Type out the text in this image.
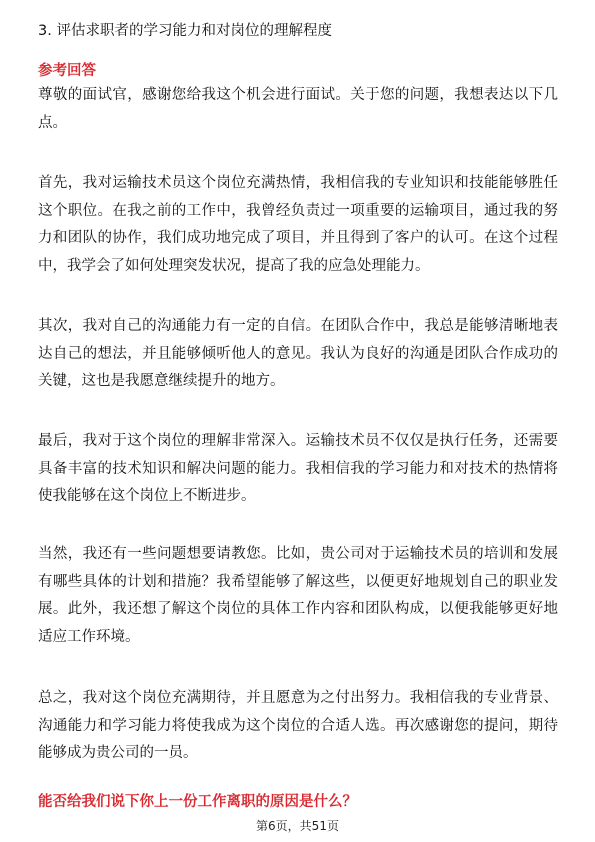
3. 评估求职者的学习能力和对岗位的理解程度
参考回答
尊敬的面试官，感谢您给我这个机会进行面试。关于您的问题，我想表达以下几点。
首先，我对运输技术员这个岗位充满热情，我相信我的专业知识和技能能够胜任这个职位。在我之前的工作中，我曾经负责过一项重要的运输项目，通过我的努力和团队的协作，我们成功地完成了项目，并且得到了客户的认可。在这个过程中，我学会了如何处理突发状况，提高了我的应急处理能力。
其次，我对自己的沟通能力有一定的自信。在团队合作中，我总是能够清晰地表达自己的想法，并且能够倾听他人的意见。我认为良好的沟通是团队合作成功的关键，这也是我愿意继续提升的地方。
最后，我对于这个岗位的理解非常深入。运输技术员不仅仅是执行任务，还需要具备丰富的技术知识和解决问题的能力。我相信我的学习能力和对技术的热情将使我能够在这个岗位上不断进步。
当然，我还有一些问题想要请教您。比如，贵公司对于运输技术员的培训和发展有哪些具体的计划和措施？我希望能够了解这些，以便更好地规划自己的职业发展。此外，我还想了解这个岗位的具体工作内容和团队构成，以便我能够更好地适应工作环境。
总之，我对这个岗位充满期待，并且愿意为之付出努力。我相信我的专业背景、沟通能力和学习能力将使我成为这个岗位的合适人选。再次感谢您的提问，期待能够成为贵公司的一员。
能否给我们说下你上一份工作离职的原因是什么？
第6页，共51页
